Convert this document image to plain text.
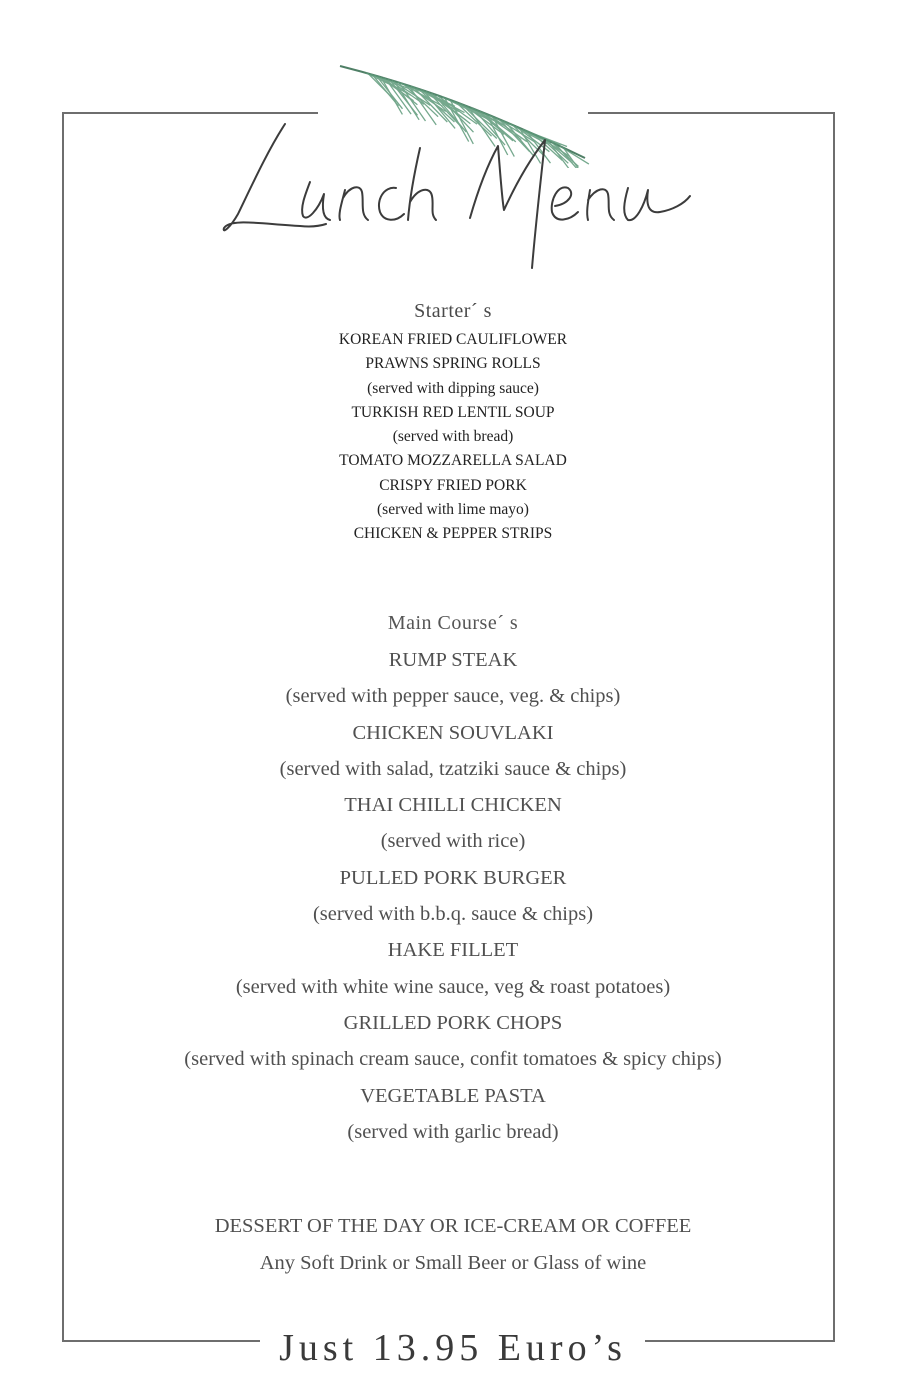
Starter´ s
KOREAN FRIED CAULIFLOWER
PRAWNS SPRING ROLLS
(served with dipping sauce)
TURKISH RED LENTIL SOUP
(served with bread)
TOMATO MOZZARELLA SALAD
CRISPY FRIED PORK
(served with lime mayo)
CHICKEN & PEPPER STRIPS
Main Course´ s
RUMP STEAK
(served with pepper sauce, veg. & chips)
CHICKEN SOUVLAKI
(served with salad, tzatziki sauce & chips)
THAI CHILLI CHICKEN
(served with rice)
PULLED PORK BURGER
(served with b.b.q. sauce & chips)
HAKE FILLET
(served with white wine sauce, veg & roast potatoes)
GRILLED PORK CHOPS
(served with spinach cream sauce, confit tomatoes & spicy chips)
VEGETABLE PASTA
(served with garlic bread)
DESSERT OF THE DAY OR ICE-CREAM OR COFFEE
Any Soft Drink or Small Beer or Glass of wine
Just 13.95 Euro’s
